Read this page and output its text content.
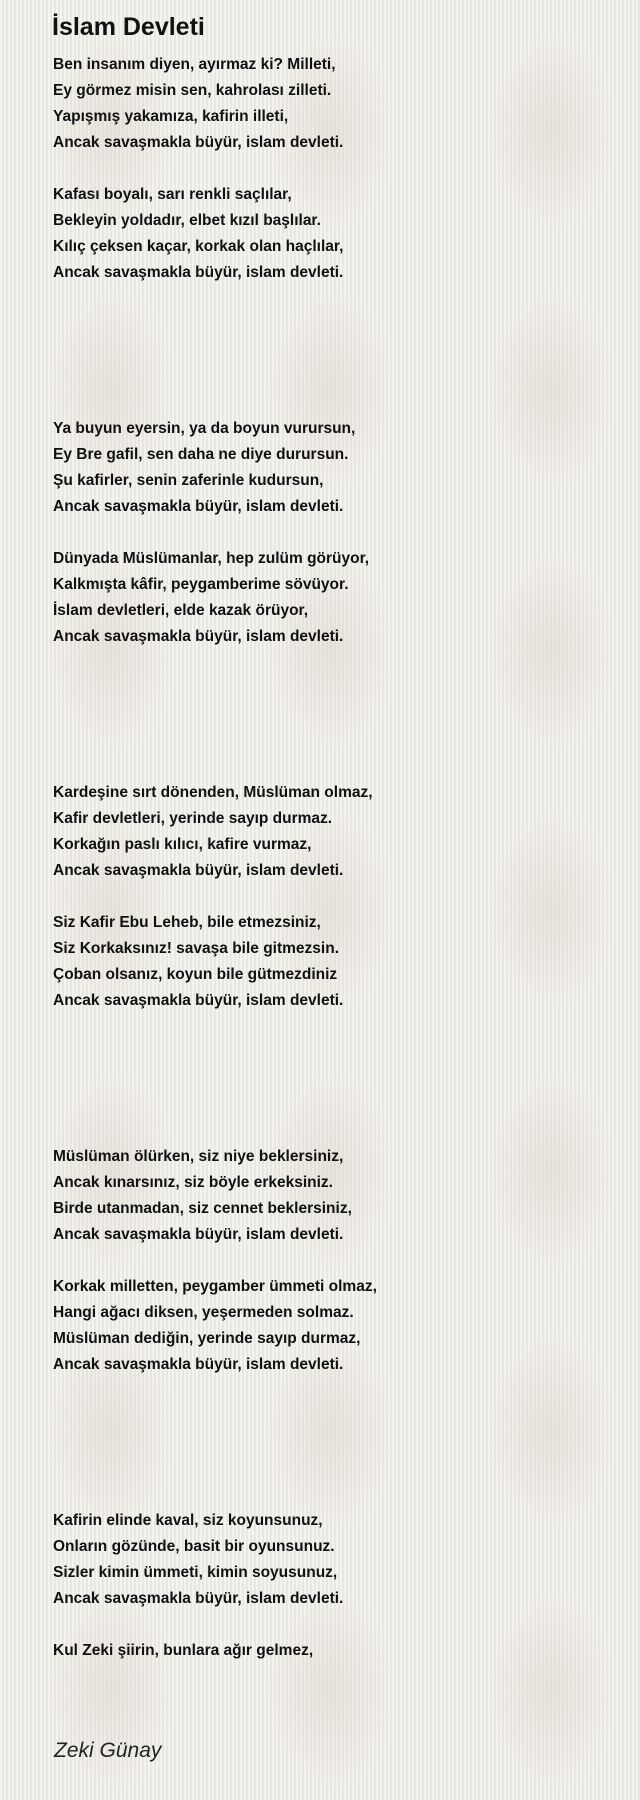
İslam Devleti
Ben insanım diyen, ayırmaz ki? Milleti,
Ey görmez misin sen, kahrolası zilleti.
Yapışmış yakamıza, kafirin illeti,
Ancak savaşmakla büyür, islam devleti.
Kafası boyalı, sarı renkli saçlılar,
Bekleyin yoldadır, elbet kızıl başlılar.
Kılıç çeksen kaçar, korkak olan haçlılar,
Ancak savaşmakla büyür, islam devleti.
Ya buyun eyersin, ya da boyun vurursun,
Ey Bre gafil, sen daha ne diye durursun.
Şu kafirler, senin zaferinle kudursun,
Ancak savaşmakla büyür, islam devleti.
Dünyada Müslümanlar, hep zulüm görüyor,
Kalkmışta kâfir, peygamberime sövüyor.
İslam devletleri, elde kazak örüyor,
Ancak savaşmakla büyür, islam devleti.
Kardeşine sırt dönenden, Müslüman olmaz,
Kafir devletleri, yerinde sayıp durmaz.
Korkağın paslı kılıcı, kafire vurmaz,
Ancak savaşmakla büyür, islam devleti.
Siz Kafir Ebu Leheb, bile etmezsiniz,
Siz Korkaksınız! savaşa bile gitmezsin.
Çoban olsanız, koyun bile gütmezdiniz
Ancak savaşmakla büyür, islam devleti.
Müslüman ölürken, siz niye beklersiniz,
Ancak kınarsınız, siz böyle erkeksiniz.
Birde utanmadan, siz cennet beklersiniz,
Ancak savaşmakla büyür, islam devleti.
Korkak milletten, peygamber ümmeti olmaz,
Hangi ağacı diksen, yeşermeden solmaz.
Müslüman dediğin, yerinde sayıp durmaz,
Ancak savaşmakla büyür, islam devleti.
Kafirin elinde kaval, siz koyunsunuz,
Onların gözünde, basit bir oyunsunuz.
Sizler kimin ümmeti, kimin soyusunuz,
Ancak savaşmakla büyür, islam devleti.
Kul Zeki şiirin, bunlara ağır gelmez,
Zeki Günay
